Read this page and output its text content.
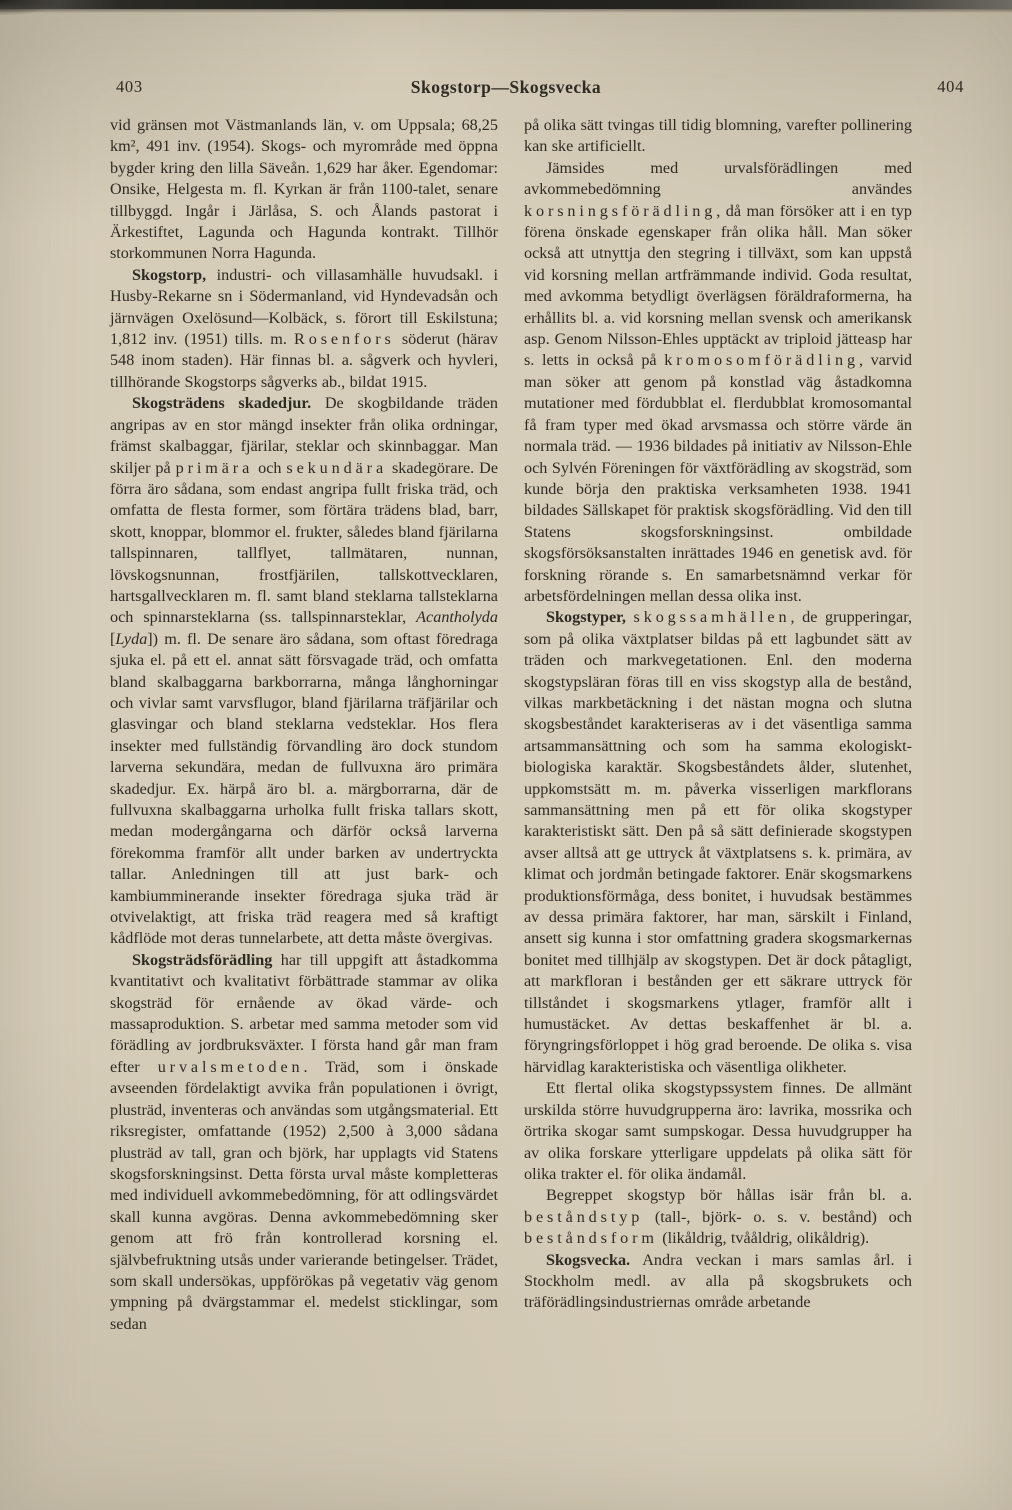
403	Skogstorp—Skogsvecka	404

vid gränsen mot Västmanlands län, v. om Uppsala; 68,25 km², 491 inv. (1954). Skogs- och myrområde med öppna bygder kring den lilla Säveån. 1,629 har åker. Egendomar: Onsike, Helgesta m. fl. Kyrkan är från 1100-talet, senare tillbyggd. Ingår i Järlåsa, S. och Ålands pastorat i Ärkestiftet, Lagunda och Hagunda kontrakt. Tillhör storkommunen Norra Hagunda.

Skogstorp, industri- och villasamhälle huvudsakl. i Husby-Rekarne sn i Södermanland, vid Hyndevadsån och järnvägen Oxelösund—Kolbäck, s. förort till Eskilstuna; 1,812 inv. (1951) tills. m. Rosenfors söderut (härav 548 inom staden). Här finnas bl. a. sågverk och hyvleri, tillhörande Skogstorps sågverks ab., bildat 1915.

Skogsträdens skadedjur. De skogbildande träden angripas av en stor mängd insekter från olika ordningar, främst skalbaggar, fjärilar, steklar och skinnbaggar. Man skiljer på primära och sekundära skadegörare. De förra äro sådana, som endast angripa fullt friska träd, och omfatta de flesta former, som förtära trädens blad, barr, skott, knoppar, blommor el. frukter, således bland fjärilarna tallspinnaren, tallflyet, tallmätaren, nunnan, lövskogsnunnan, frostfjärilen, tallskottvecklaren, hartsgallvecklaren m. fl. samt bland steklarna tallsteklarna och spinnarsteklarna (ss. tallspinnarsteklar, Acantholyda [Lyda]) m. fl. De senare äro sådana, som oftast föredraga sjuka el. på ett el. annat sätt försvagade träd, och omfatta bland skalbaggarna barkborrarna, många långhorningar och vivlar samt varvsflugor, bland fjärilarna träfjärilar och glasvingar och bland steklarna vedsteklar. Hos flera insekter med fullständig förvandling äro dock stundom larverna sekundära, medan de fullvuxna äro primära skadedjur. Ex. härpå äro bl. a. märgborrarna, där de fullvuxna skalbaggarna urholka fullt friska tallars skott, medan modergångarna och därför också larverna förekomma framför allt under barken av undertryckta tallar. Anledningen till att just bark- och kambiumminerande insekter föredraga sjuka träd är otvivelaktigt, att friska träd reagera med så kraftigt kådflöde mot deras tunnelarbete, att detta måste övergivas.

Skogsträdsförädling har till uppgift att åstadkomma kvantitativt och kvalitativt förbättrade stammar av olika skogsträd för ernående av ökad värde- och massaproduktion. S. arbetar med samma metoder som vid förädling av jordbruksväxter. I första hand går man fram efter urvalsmetoden. Träd, som i önskade avseenden fördelaktigt avvika från populationen i övrigt, plusträd, inventeras och användas som utgångsmaterial. Ett riksregister, omfattande (1952) 2,500 à 3,000 sådana plusträd av tall, gran och björk, har upplagts vid Statens skogsforskningsinst. Detta första urval måste kompletteras med individuell avkommebedömning, för att odlingsvärdet skall kunna avgöras. Denna avkommebedömning sker genom att frö från kontrollerad korsning el. självbefruktning utsås under varierande betingelser. Trädet, som skall undersökas, uppförökas på vegetativ väg genom ympning på dvärgstammar el. medelst sticklingar, som sedan

på olika sätt tvingas till tidig blomning, varefter pollinering kan ske artificiellt.

Jämsides med urvalsförädlingen med avkommebedömning användes korsningsförädling, då man försöker att i en typ förena önskade egenskaper från olika håll. Man söker också att utnyttja den stegring i tillväxt, som kan uppstå vid korsning mellan artfrämmande individ. Goda resultat, med avkomma betydligt överlägsen föräldraformerna, ha erhållits bl. a. vid korsning mellan svensk och amerikansk asp. Genom Nilsson-Ehles upptäckt av triploid jätteasp har s. letts in också på kromosomförädling, varvid man söker att genom på konstlad väg åstadkomna mutationer med fördubblat el. flerdubblat kromosomantal få fram typer med ökad arvsmassa och större värde än normala träd. — 1936 bildades på initiativ av Nilsson-Ehle och Sylvén Föreningen för växtförädling av skogsträd, som kunde börja den praktiska verksamheten 1938. 1941 bildades Sällskapet för praktisk skogsförädling. Vid den till Statens skogsforskningsinst. ombildade skogsförsöksanstalten inrättades 1946 en genetisk avd. för forskning rörande s. En samarbetsnämnd verkar för arbetsfördelningen mellan dessa olika inst.

Skogstyper, skogssamhällen, de grupperingar, som på olika växtplatser bildas på ett lagbundet sätt av träden och markvegetationen. Enl. den moderna skogstypsläran föras till en viss skogstyp alla de bestånd, vilkas markbetäckning i det nästan mogna och slutna skogsbeståndet karakteriseras av i det väsentliga samma artsammansättning och som ha samma ekologiskt-biologiska karaktär. Skogsbeståndets ålder, slutenhet, uppkomstsätt m. m. påverka visserligen markflorans sammansättning men på ett för olika skogstyper karakteristiskt sätt. Den på så sätt definierade skogstypen avser alltså att ge uttryck åt växtplatsens s. k. primära, av klimat och jordmån betingade faktorer. Enär skogsmarkens produktionsförmåga, dess bonitet, i huvudsak bestämmes av dessa primära faktorer, har man, särskilt i Finland, ansett sig kunna i stor omfattning gradera skogsmarkernas bonitet med tillhjälp av skogstypen. Det är dock påtagligt, att markfloran i bestånden ger ett säkrare uttryck för tillståndet i skogsmarkens ytlager, framför allt i humustäcket. Av dettas beskaffenhet är bl. a. föryngringsförloppet i hög grad beroende. De olika s. visa härvidlag karakteristiska och väsentliga olikheter.

Ett flertal olika skogstypssystem finnes. De allmänt urskilda större huvudgrupperna äro: lavrika, mossrika och örtrika skogar samt sumpskogar. Dessa huvudgrupper ha av olika forskare ytterligare uppdelats på olika sätt för olika trakter el. för olika ändamål.

Begreppet skogstyp bör hållas isär från bl. a. beståndstyp (tall-, björk- o. s. v. bestånd) och beståndsform (likåldrig, tvååldrig, olikåldrig).

Skogsvecka. Andra veckan i mars samlas årl. i Stockholm medl. av alla på skogsbrukets och träförädlingsindustriernas område arbetande
